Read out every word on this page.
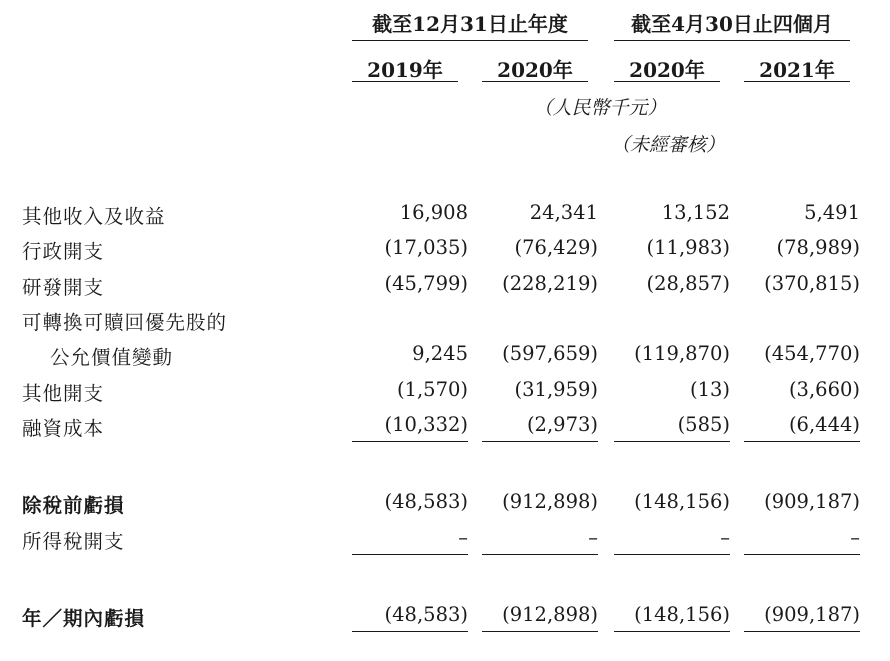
截至12月31日止年度	截至4月30日止四個月
2019年	2020年	2020年	2021年
（人民幣千元）
（未經審核）
其他收入及收益	16,908	24,341	13,152	5,491
行政開支	(17,035)	(76,429)	(11,983)	(78,989)
研發開支	(45,799)	(228,219)	(28,857)	(370,815)
可轉換可贖回優先股的
公允價值變動	9,245	(597,659)	(119,870)	(454,770)
其他開支	(1,570)	(31,959)	(13)	(3,660)
融資成本	(10,332)	(2,973)	(585)	(6,444)
除稅前虧損	(48,583)	(912,898)	(148,156)	(909,187)
所得稅開支	–	–	–	–
年／期內虧損	(48,583)	(912,898)	(148,156)	(909,187)
